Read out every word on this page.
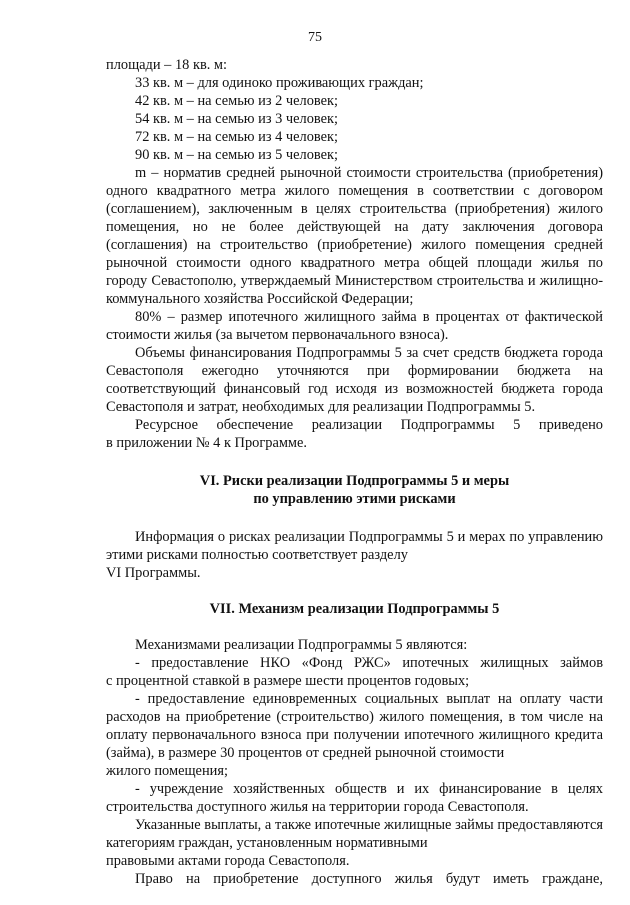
75

площади – 18 кв. м:

33 кв. м – для одиноко проживающих граждан;

42 кв. м – на семью из 2 человек;

54 кв. м – на семью из 3 человек;

72 кв. м – на семью из 4 человек;

90 кв. м – на семью из 5 человек;

m – норматив средней рыночной стоимости строительства (приобретения) одного квадратного метра жилого помещения в соответствии с договором (соглашением), заключенным в целях строительства (приобретения) жилого помещения, но не более действующей на дату заключения договора (соглашения) на строительство (приобретение) жилого помещения средней рыночной стоимости одного квадратного метра общей площади жилья по городу Севастополю, утверждаемый Министерством строительства и жилищно-коммунального хозяйства Российской Федерации;

80% – размер ипотечного жилищного займа в процентах от фактической

стоимости жилья (за вычетом первоначального взноса).

Объемы финансирования Подпрограммы 5 за счет средств бюджета города Севастополя ежегодно уточняются при формировании бюджета на соответствующий финансовый год исходя из возможностей бюджета города Севастополя и затрат, необходимых для реализации Подпрограммы 5.

Ресурсное обеспечение реализации Подпрограммы 5 приведено

в приложении № 4 к Программе.

VI. Риски реализации Подпрограммы 5 и меры

по управлению этими рисками

Информация о рисках реализации Подпрограммы 5 и мерах по управлению этими рисками полностью соответствует разделу

VI Программы.

VII. Механизм реализации Подпрограммы 5

Механизмами реализации Подпрограммы 5 являются:

- предоставление НКО «Фонд РЖС» ипотечных жилищных займов

с процентной ставкой в размере шести процентов годовых;

- предоставление единовременных социальных выплат на оплату части расходов на приобретение (строительство) жилого помещения, в том числе на оплату первоначального взноса при получении ипотечного жилищного кредита (займа), в размере 30 процентов от средней рыночной стоимости

жилого помещения;

- учреждение хозяйственных обществ и их финансирование в целях

строительства доступного жилья на территории города Севастополя.

Указанные выплаты, а также ипотечные жилищные займы предоставляются категориям граждан, установленным нормативными

правовыми актами города Севастополя.

Право на приобретение доступного жилья будут иметь граждане,
